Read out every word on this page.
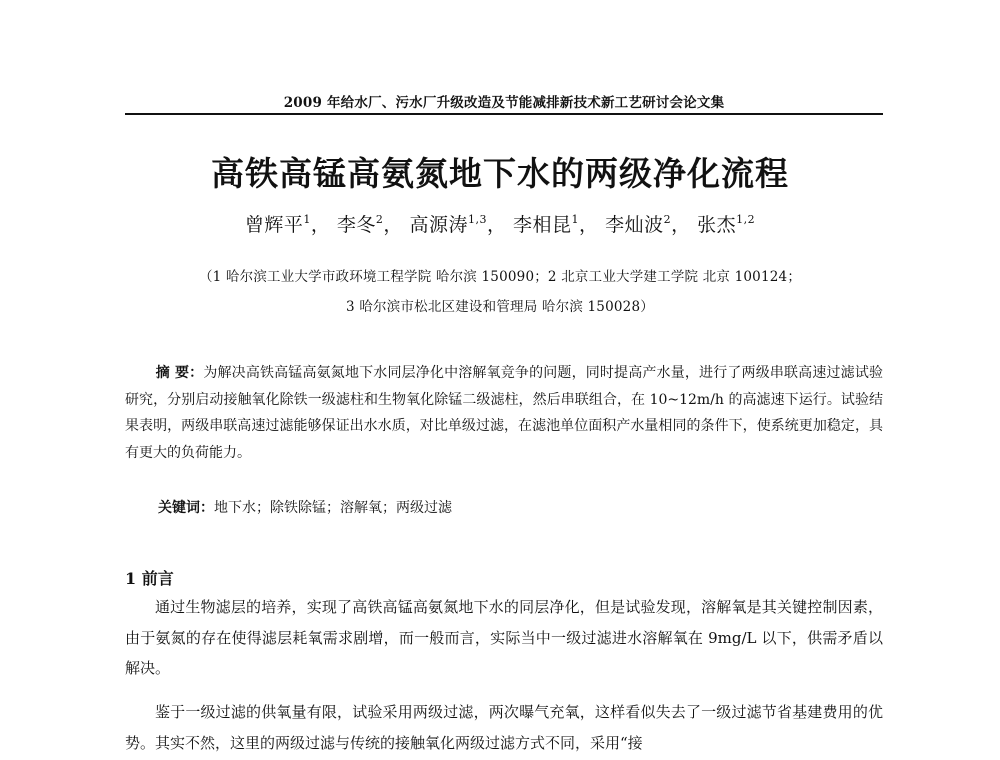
2009 年给水厂、污水厂升级改造及节能减排新技术新工艺研讨会论文集
高铁高锰高氨氮地下水的两级净化流程
曾辉平$^1$， 李冬$^2$， 高源涛$^{1,3}$， 李相昆$^1$， 李灿波$^2$， 张杰$^{1,2}$
（1 哈尔滨工业大学市政环境工程学院 哈尔滨 150090；2 北京工业大学建工学院 北京 100124；
3 哈尔滨市松北区建设和管理局 哈尔滨 150028）
摘 要：为解决高铁高锰高氨氮地下水同层净化中溶解氧竞争的问题，同时提高产水量，进行了两级串联高速过滤试验研究，分别启动接触氧化除铁一级滤柱和生物氧化除锰二级滤柱，然后串联组合，在 10~12m/h 的高滤速下运行。试验结果表明，两级串联高速过滤能够保证出水水质，对比单级过滤，在滤池单位面积产水量相同的条件下，使系统更加稳定，具有更大的负荷能力。
关键词：地下水；除铁除锰；溶解氧；两级过滤
1 前言
通过生物滤层的培养，实现了高铁高锰高氨氮地下水的同层净化，但是试验发现，溶解氧是其关键控制因素，由于氨氮的存在使得滤层耗氧需求剧增，而一般而言，实际当中一级过滤进水溶解氧在 9mg/L 以下，供需矛盾以解决。
鉴于一级过滤的供氧量有限，试验采用两级过滤，两次曝气充氧，这样看似失去了一级过滤节省基建费用的优势。其实不然，这里的两级过滤与传统的接触氧化两级过滤方式不同，采用“接
